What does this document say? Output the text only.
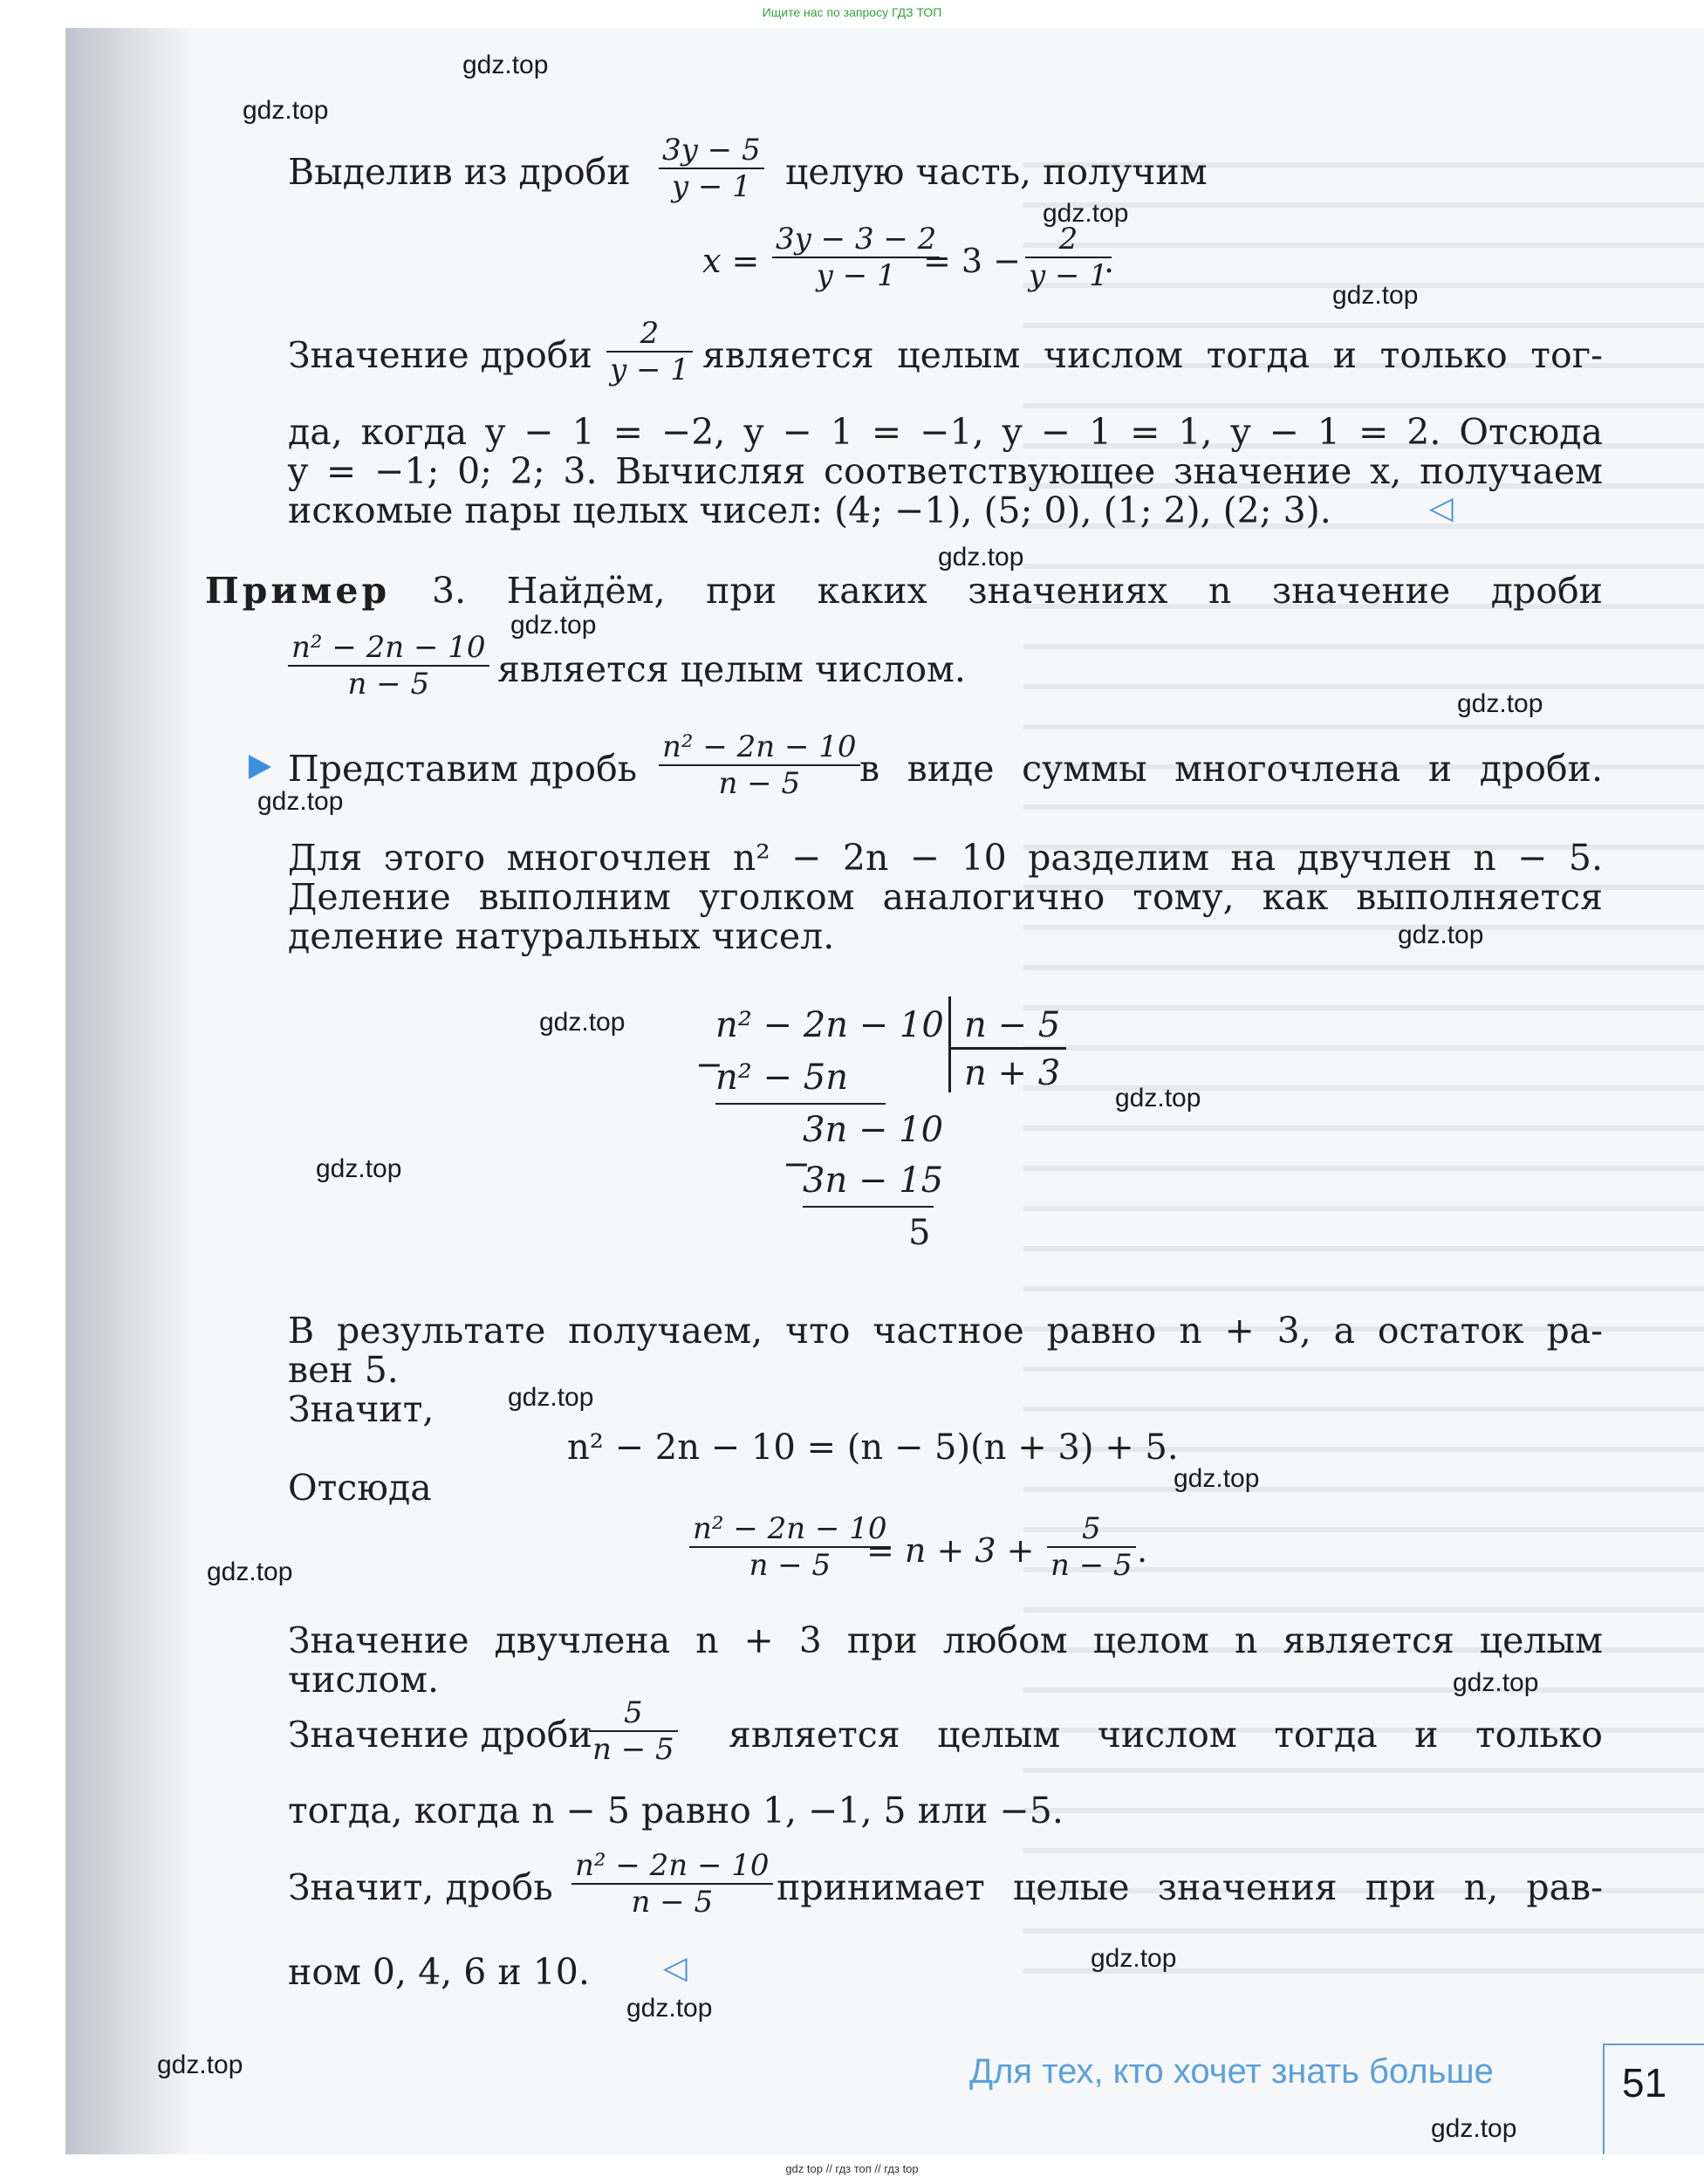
Ищите нас по запросу ГДЗ ТОП
Выделив из дроби $\frac{3y - 5}{y - 1}$ целую часть, получим
$x = \frac{3y - 3 - 2}{y - 1}$
= $3 - \frac{2}{y - 1}$
.
Значение дроби $\frac{2}{y - 1}$ является целым числом тогда и только тог-
да, когда y − 1 = −2, y − 1 = −1, y − 1 = 1, y − 1 = 2. Отсюда
y = −1; 0; 2; 3. Вычисляя соответствующее значение x, получаем
искомые пары целых чисел: (4; −1), (5; 0), (1; 2), (2; 3).	◁
Пример 3. Найдём, при каких значениях n значение дроби
$\frac{\text{n² − 2n − 10}}{n - 5}$ является целым числом.
Представим дробь $\frac{\text{n² − 2n − 10}}{n - 5}$ в виде суммы многочлена и дроби.
Для этого многочлен n² − 2n − 10 разделим на двучлен n − 5.
Деление выполним уголком аналогично тому, как выполняется
деление натуральных чисел.
n² − 2n − 10 n − 5
n + 3
−
n² − 5n
3n − 10
−
3n − 15
5
В результате получаем, что частное равно n + 3, а остаток ра-
вен 5.
Значит,
n² − 2n − 10 = (n − 5)(n + 3) + 5.
Отсюда
$\frac{\text{n² − 2n − 10}}{n - 5}$
= $n + 3 + \frac{5}{n - 5}$ .
Значение двучлена n + 3 при любом целом n является целым
числом.
Значение дроби
$\frac{5}{n - 5}$ является целым числом тогда и только
тогда, когда n − 5 равно 1, −1, 5 или −5.
Значит, дробь $\frac{\text{n² − 2n − 10}}{n - 5}$ принимает целые значения при n, рав-
ном 0, 4, 6 и 10. ◁
Для тех, кто хочет знать больше	51
gdz.top
gdz.top
gdz.top
gdz.top
gdz.top
gdz.top
gdz.top
gdz.top
gdz.top
gdz.top
gdz.top
gdz.top
gdz.top
gdz.top
gdz.top
gdz.top
gdz.top
gdz.top
gdz.top
gdz.top
gdz top // гдз топ // гдз top
